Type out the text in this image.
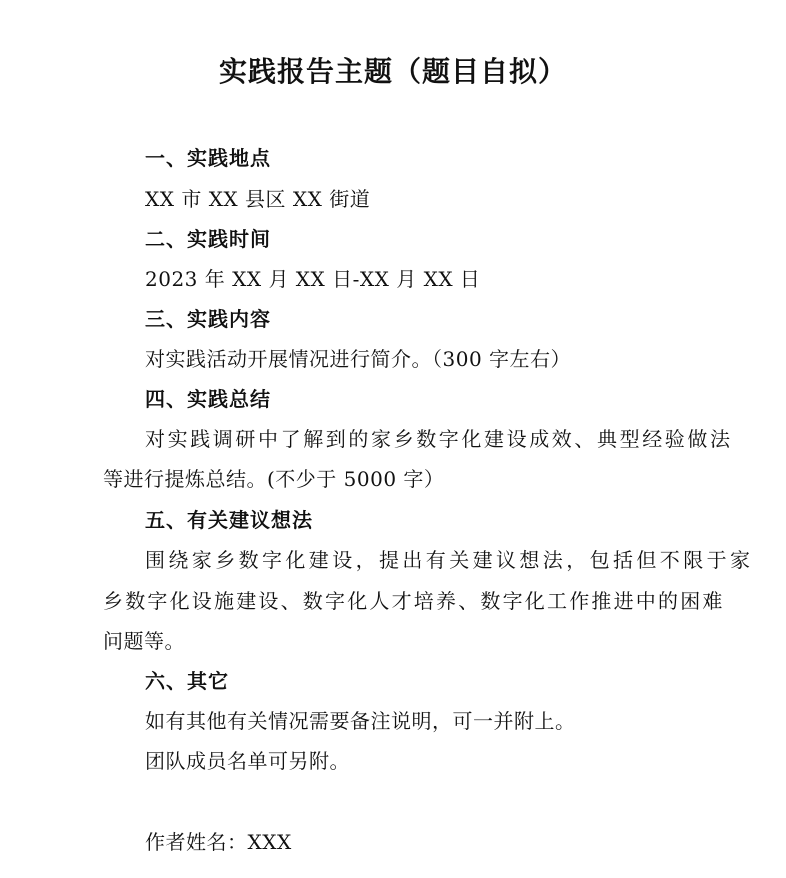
实践报告主题（题目自拟）
一、实践地点
XX 市 XX 县区 XX 街道
二、实践时间
2023 年 XX 月 XX 日-XX 月 XX 日
三、实践内容
对实践活动开展情况进行简介。（300 字左右）
四、实践总结
对实践调研中了解到的家乡数字化建设成效、典型经验做法
等进行提炼总结。(不少于 5000 字）
五、有关建议想法
围绕家乡数字化建设，提出有关建议想法，包括但不限于家
乡数字化设施建设、数字化人才培养、数字化工作推进中的困难
问题等。
六、其它
如有其他有关情况需要备注说明，可一并附上。
团队成员名单可另附。
作者姓名：XXX
